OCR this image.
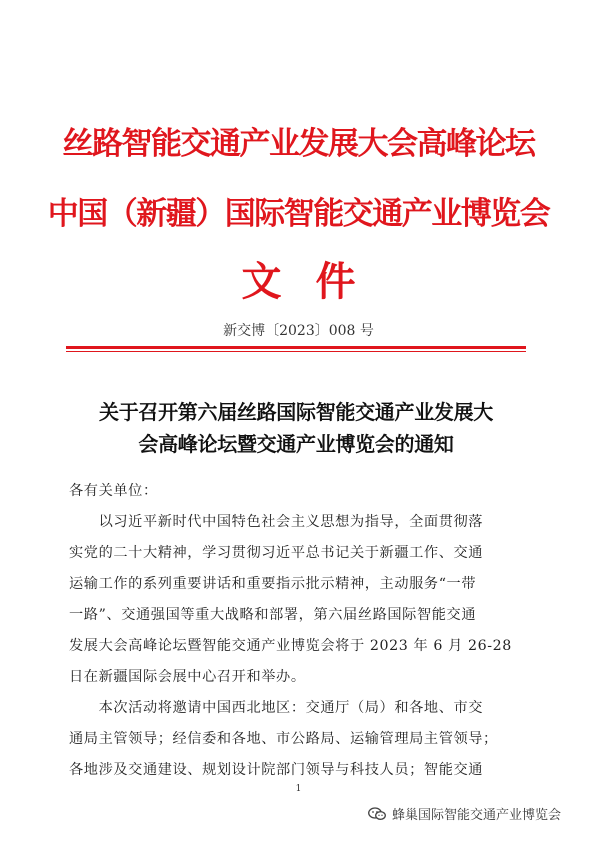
丝路智能交通产业发展大会高峰论坛
中国（新疆）国际智能交通产业博览会
文件
新交博〔2023〕008 号
关于召开第六届丝路国际智能交通产业发展大
会高峰论坛暨交通产业博览会的通知
各有关单位：
　　以习近平新时代中国特色社会主义思想为指导，全面贯彻落
实党的二十大精神，学习贯彻习近平总书记关于新疆工作、交通
运输工作的系列重要讲话和重要指示批示精神，主动服务“一带
一路”、交通强国等重大战略和部署，第六届丝路国际智能交通
发展大会高峰论坛暨智能交通产业博览会将于 2023 年 6 月 26-28
日在新疆国际会展中心召开和举办。
　　本次活动将邀请中国西北地区：交通厅（局）和各地、市交
通局主管领导；经信委和各地、市公路局、运输管理局主管领导；
各地涉及交通建设、规划设计院部门领导与科技人员；智能交通
1
蜂巢国际智能交通产业博览会
